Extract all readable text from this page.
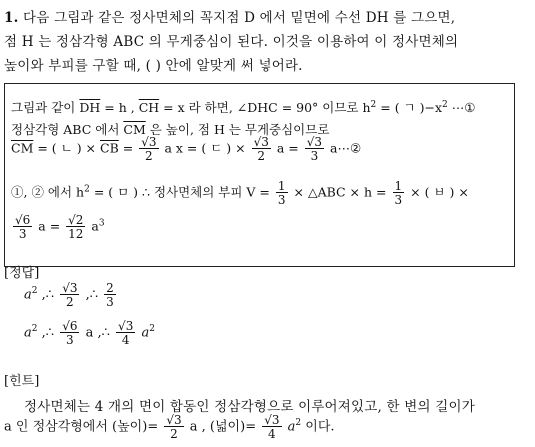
1. 다음 그림과 같은 정사면체의 꼭지점 D 에서 밑면에 수선 DH 를 그으면,
점 H 는 정삼각형 ABC 의 무게중심이 된다. 이것을 이용하여 이 정사면체의
높이와 부피를 구할 때, ( ) 안에 알맞게 써 넣어라.
그림과 같이 $\overline{DH} = h$ , $\overline{CH} = x$ 라 하면, ∠DHC = 90° 이므로 $h^2$ = ( ㄱ )$-x^2$ ⋯①
정삼각형 ABC 에서 $\overline{CM}$ 은 높이, 점 H 는 무게중심이므로
$\overline{CM}$ = ( ㄴ ) × $\overline{CB} = \frac{√3}{2}$ a x = ( ㄷ ) × $\frac{√3}{2}$ $a = \frac{√3}{3}$ a⋯②
①, ② 에서 $h^2$ = ( ㅁ ) ∴ 정사면체의 부피 $V = \frac{1}{3}$ × △ABC × $h = \frac{1}{3}$ × ( ㅂ ) ×
$\frac{√6}{3}$ $a = \frac{√2}{12} a^3$
[정답]
$a^2$ ,∴ $\frac{√3}{2}$ ,∴ $\frac{2}{3}$
$a^2$ ,∴ $\frac{√6}{3}$ a ,∴ $\frac{√3}{4} a^2$
[힌트]
정사면체는 4 개의 면이 합동인 정삼각형으로 이루어져있고, 한 변의 길이가
a 인 정삼각형에서 (높이)= $\frac{√3}{2}$ a , (넓이)= $\frac{√3}{4} a^2$ 이다.
